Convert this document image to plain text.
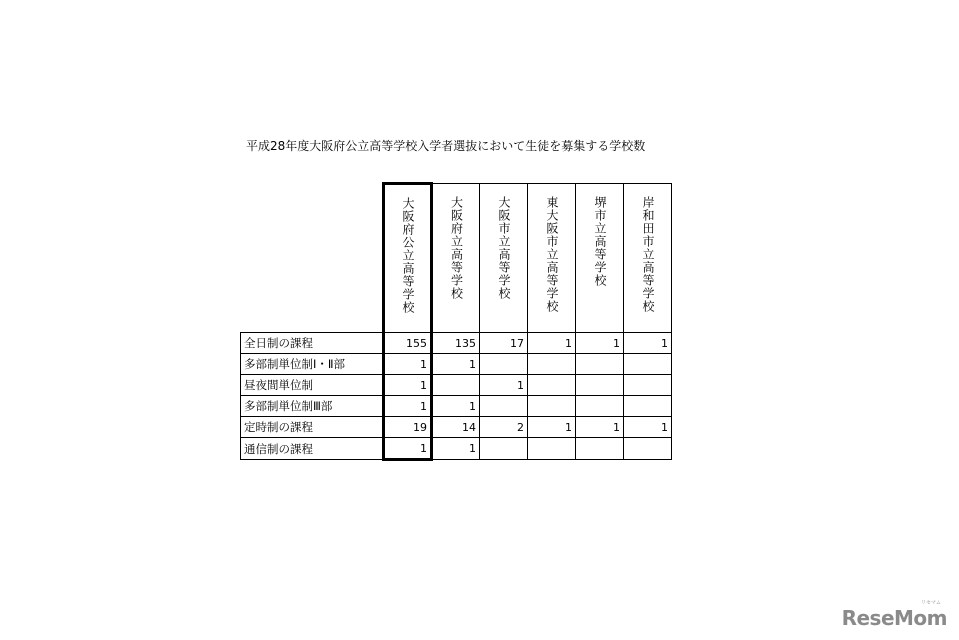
平成28年度大阪府公立高等学校入学者選抜において生徒を募集する学校数

	大阪府公立高等学校	大阪府立高等学校	大阪市立高等学校	東大阪市立高等学校	堺市立高等学校	岸和田市立高等学校

全日制の課程	155	135	17	1	1	1
多部制単位制Ⅰ・Ⅱ部	1	1				
昼夜間単位制	1		1			
多部制単位制Ⅲ部	1	1				
定時制の課程	19	14	2	1	1	1
通信制の課程	1	1				
ReseMom
リセマム
